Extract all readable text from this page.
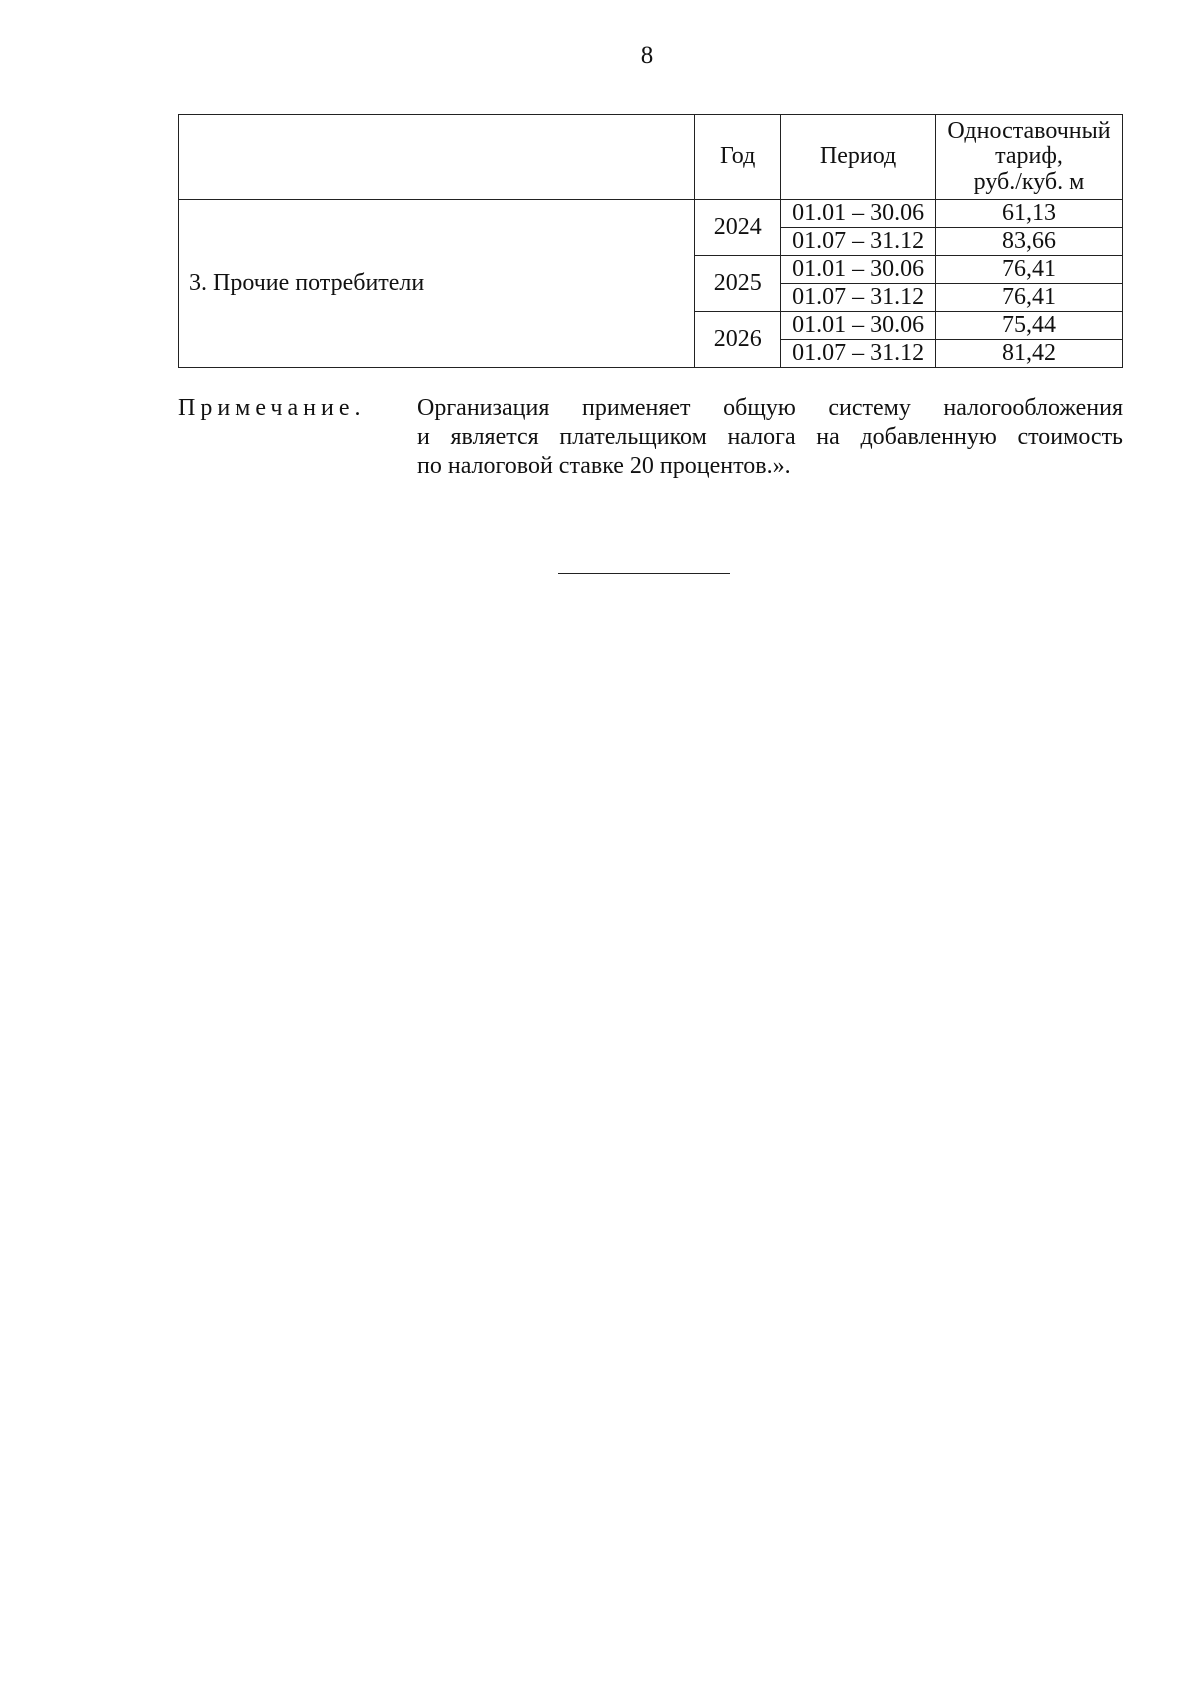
8
	Год	Период	Одноставочный
тариф,
руб./куб. м

3. Прочие потребители	2024	01.01 – 30.06	61,13
		01.07 – 31.12	83,66
	2025	01.01 – 30.06	76,41
		01.07 – 31.12	76,41
	2026	01.01 – 30.06	75,44
		01.07 – 31.12	81,42
Примечание. Организация применяет общую систему налогообложения
и является плательщиком налога на добавленную стоимость
по налоговой ставке 20 процентов.».
